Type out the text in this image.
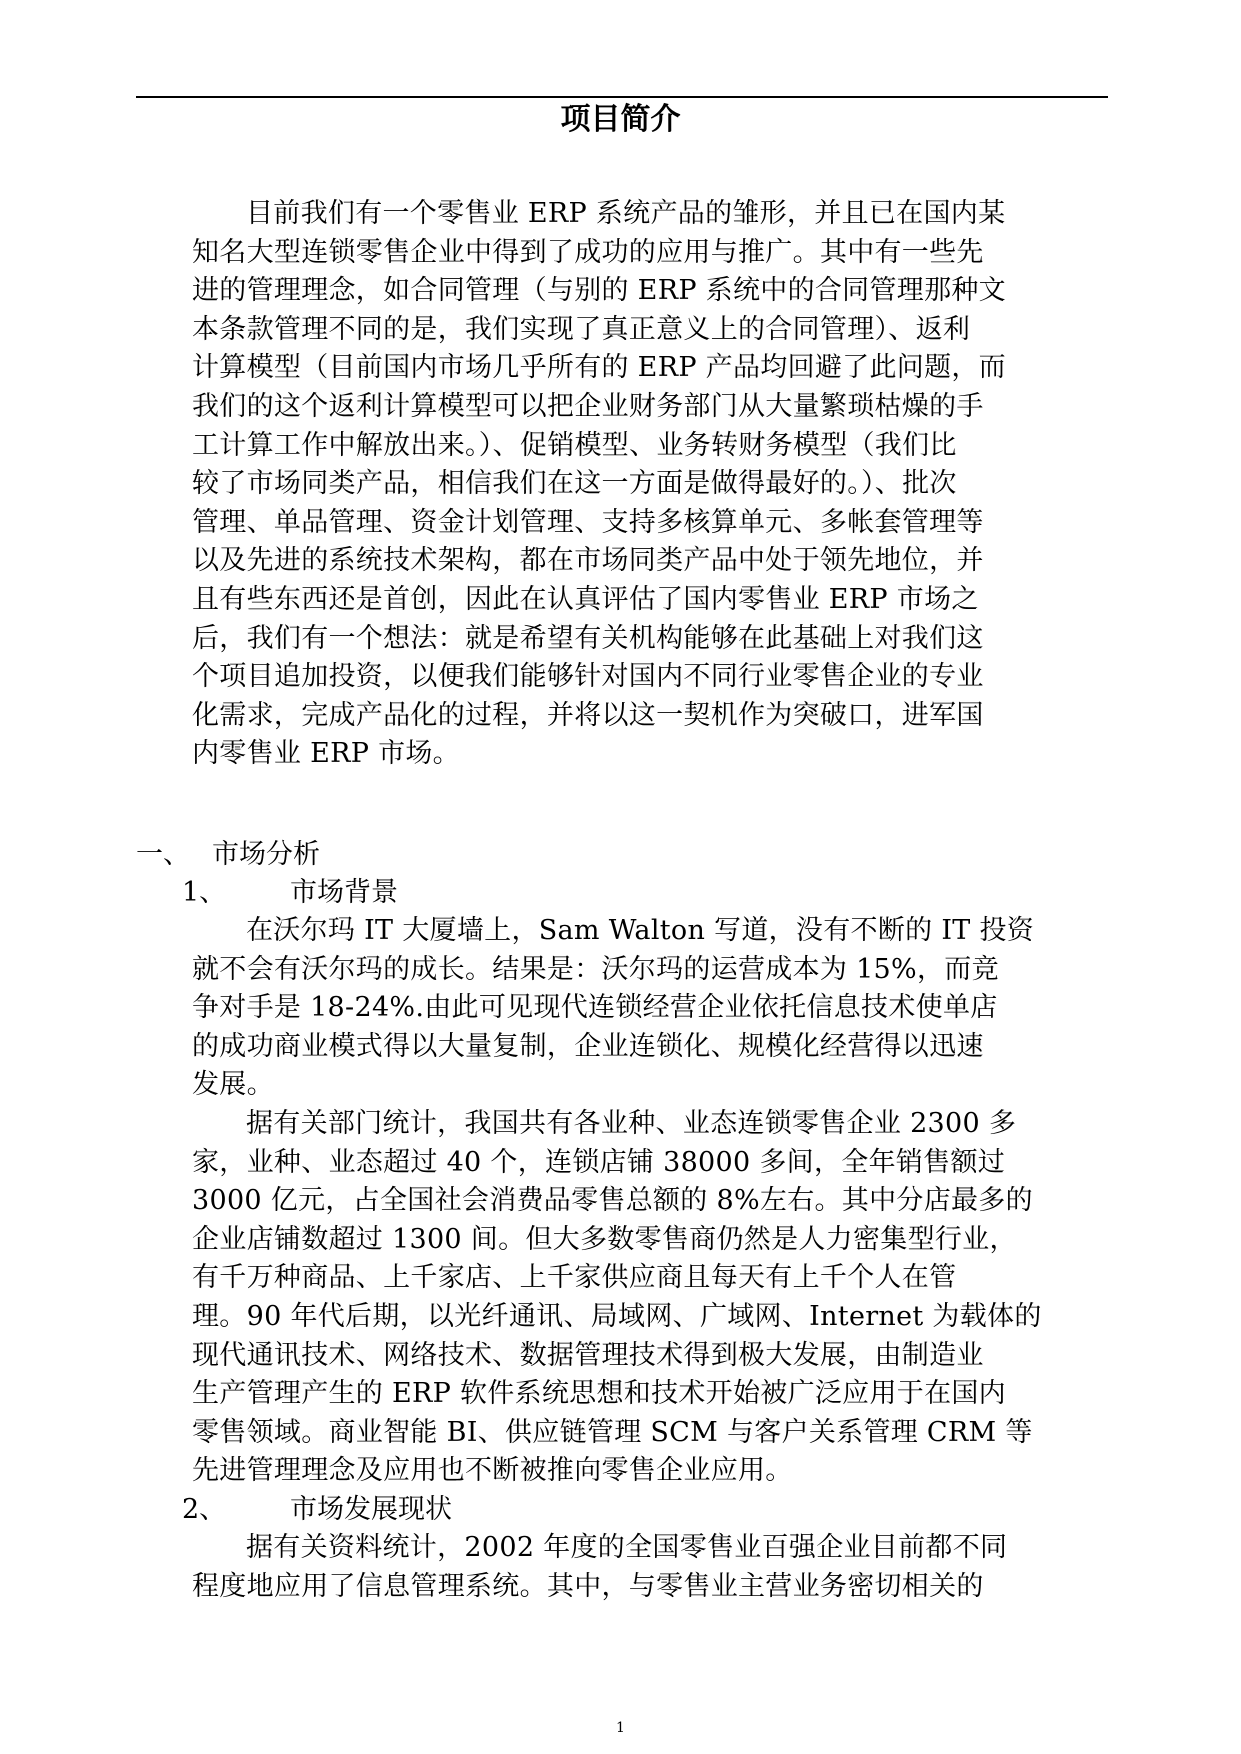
项目简介

目前我们有一个零售业 ERP 系统产品的雏形，并且已在国内某
知名大型连锁零售企业中得到了成功的应用与推广。其中有一些先
进的管理理念，如合同管理（与别的 ERP 系统中的合同管理那种文
本条款管理不同的是，我们实现了真正意义上的合同管理）、返利
计算模型（目前国内市场几乎所有的 ERP 产品均回避了此问题，而
我们的这个返利计算模型可以把企业财务部门从大量繁琐枯燥的手
工计算工作中解放出来。）、促销模型、业务转财务模型（我们比
较了市场同类产品，相信我们在这一方面是做得最好的。）、批次
管理、单品管理、资金计划管理、支持多核算单元、多帐套管理等
以及先进的系统技术架构，都在市场同类产品中处于领先地位，并
且有些东西还是首创，因此在认真评估了国内零售业 ERP 市场之
后，我们有一个想法：就是希望有关机构能够在此基础上对我们这
个项目追加投资，以便我们能够针对国内不同行业零售企业的专业
化需求，完成产品化的过程，并将以这一契机作为突破口，进军国
内零售业 ERP 市场。

一、 市场分析
1、	市场背景

在沃尔玛 IT 大厦墙上，Sam Walton 写道，没有不断的 IT 投资
就不会有沃尔玛的成长。结果是：沃尔玛的运营成本为 15%，而竞
争对手是 18-24%.由此可见现代连锁经营企业依托信息技术使单店
的成功商业模式得以大量复制，企业连锁化、规模化经营得以迅速
发展。

据有关部门统计，我国共有各业种、业态连锁零售企业 2300 多
家，业种、业态超过 40 个，连锁店铺 38000 多间，全年销售额过
3000 亿元，占全国社会消费品零售总额的 8%左右。其中分店最多的
企业店铺数超过 1300 间。但大多数零售商仍然是人力密集型行业，
有千万种商品、上千家店、上千家供应商且每天有上千个人在管
理。90 年代后期，以光纤通讯、局域网、广域网、Internet 为载体的
现代通讯技术、网络技术、数据管理技术得到极大发展，由制造业
生产管理产生的 ERP 软件系统思想和技术开始被广泛应用于在国内
零售领域。商业智能 BI、供应链管理 SCM 与客户关系管理 CRM 等
先进管理理念及应用也不断被推向零售企业应用。

2、	市场发展现状

据有关资料统计，2002 年度的全国零售业百强企业目前都不同
程度地应用了信息管理系统。其中，与零售业主营业务密切相关的

1
